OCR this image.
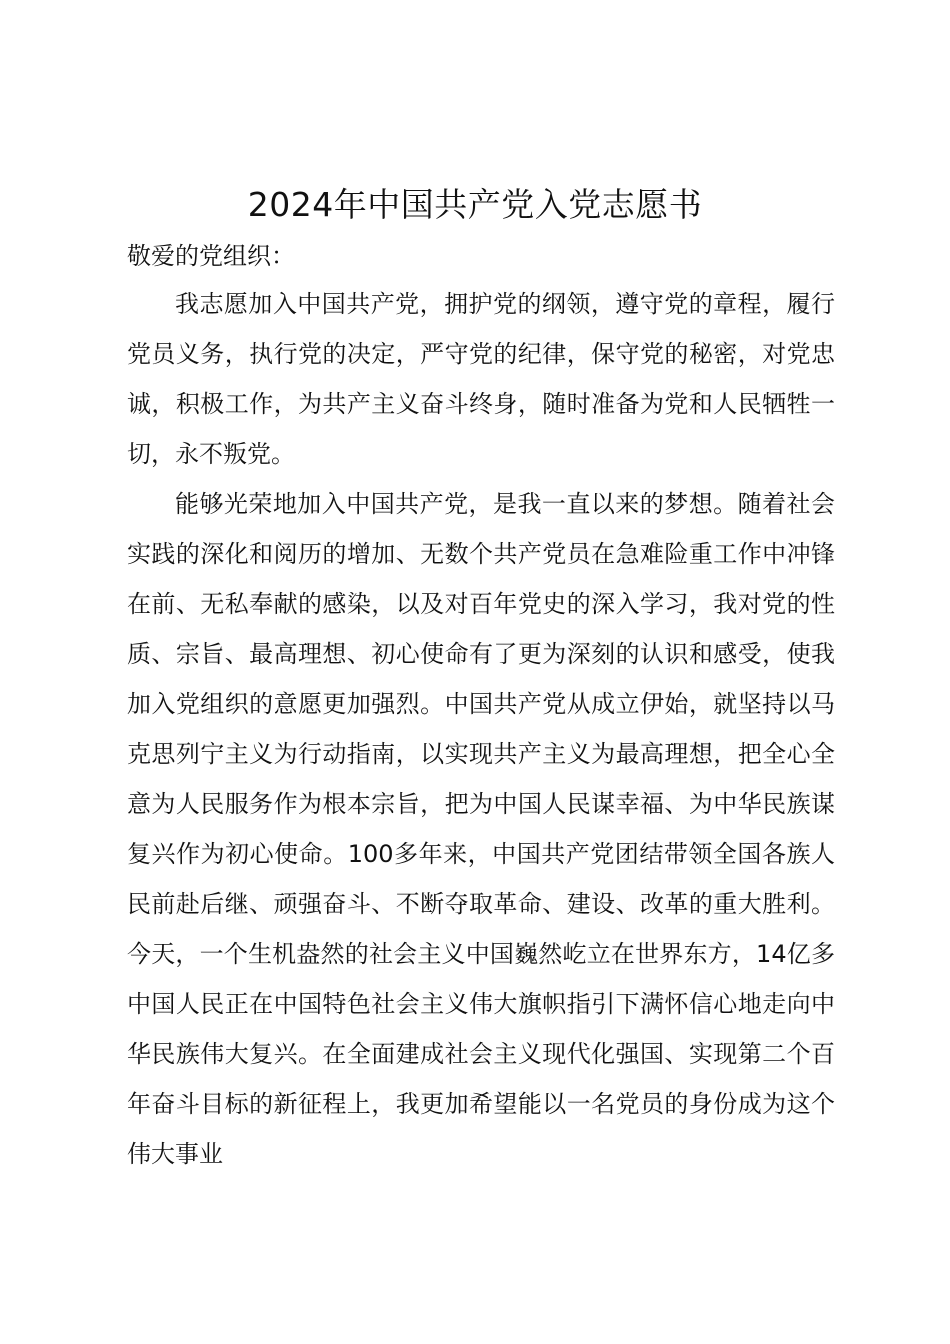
2024年中国共产党入党志愿书
敬爱的党组织：

我志愿加入中国共产党，拥护党的纲领，遵守党的章程，履行党员义务，执行党的决定，严守党的纪律，保守党的秘密，对党忠诚，积极工作，为共产主义奋斗终身，随时准备为党和人民牺牲一切，永不叛党。

能够光荣地加入中国共产党，是我一直以来的梦想。随着社会实践的深化和阅历的增加、无数个共产党员在急难险重工作中冲锋在前、无私奉献的感染，以及对百年党史的深入学习，我对党的性质、宗旨、最高理想、初心使命有了更为深刻的认识和感受，使我加入党组织的意愿更加强烈。中国共产党从成立伊始，就坚持以马克思列宁主义为行动指南，以实现共产主义为最高理想，把全心全意为人民服务作为根本宗旨，把为中国人民谋幸福、为中华民族谋复兴作为初心使命。100多年来，中国共产党团结带领全国各族人民前赴后继、顽强奋斗、不断夺取革命、建设、改革的重大胜利。今天，一个生机盎然的社会主义中国巍然屹立在世界东方，14亿多中国人民正在中国特色社会主义伟大旗帜指引下满怀信心地走向中华民族伟大复兴。在全面建成社会主义现代化强国、实现第二个百年奋斗目标的新征程上，我更加希望能以一名党员的身份成为这个伟大事业
